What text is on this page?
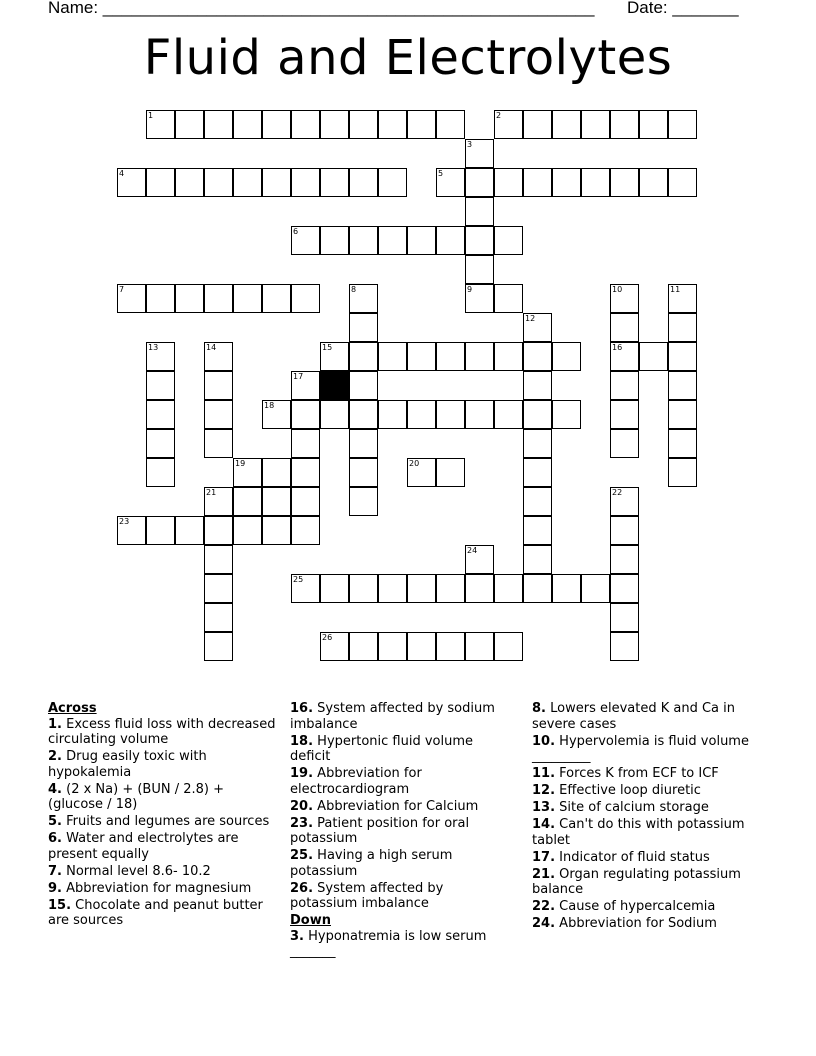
Name: ____________________________________________________ Date: _______
Fluid and Electrolytes
1	2
3
4	5
6
7	8	9	10	11
12
13	14	15	16
17
18
19	20
21	22
23
24
25
26
Across
1. Excess fluid loss with decreased circulating volume
2. Drug easily toxic with hypokalemia
4. (2 x Na) + (BUN / 2.8) + (glucose / 18)
5. Fruits and legumes are sources
6. Water and electrolytes are present equally
7. Normal level 8.6- 10.2
9. Abbreviation for magnesium
15. Chocolate and peanut butter are sources
16. System affected by sodium imbalance
18. Hypertonic fluid volume deficit
19. Abbreviation for electrocardiogram
20. Abbreviation for Calcium
23. Patient position for oral potassium
25. Having a high serum potassium
26. System affected by potassium imbalance
Down
3. Hyponatremia is low serum _______
8. Lowers elevated K and Ca in severe cases
10. Hypervolemia is fluid volume _________
11. Forces K from ECF to ICF
12. Effective loop diuretic
13. Site of calcium storage
14. Can't do this with potassium tablet
17. Indicator of fluid status
21. Organ regulating potassium balance
22. Cause of hypercalcemia
24. Abbreviation for Sodium
